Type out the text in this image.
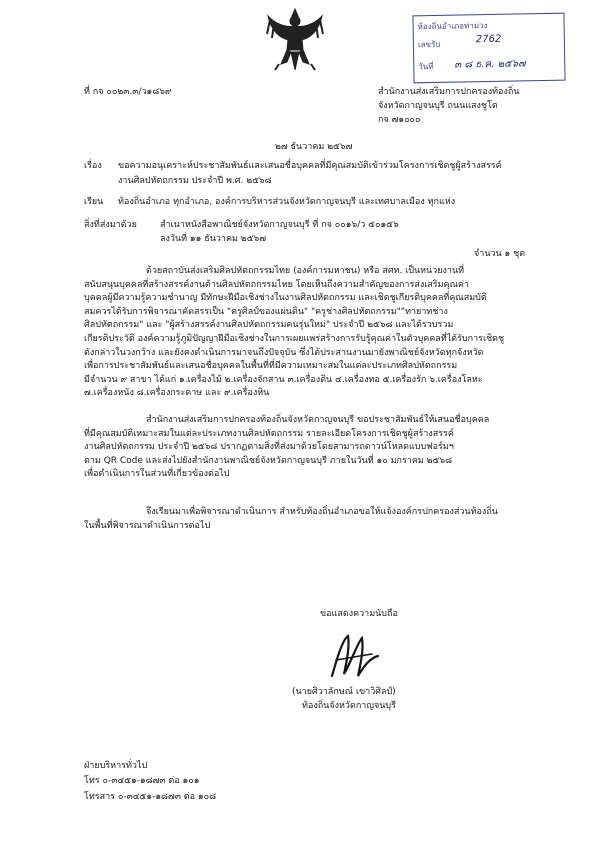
ห้องถิ่นอำเภอท่าม่วง
เลขรับ	2762
วันที่ ๓ ๘ ธ.ค. ๒๕๖๗
ที่ กจ ๐๐๒๓.๓/ว๑๘๖๙	สำนักงานส่งเสริมการปกครองท้องถิ่น
จังหวัดกาญจนบุรี ถนนแสงชูโต
กจ ๗๑๐๐๐
๒๗ ธันวาคม ๒๕๖๗
เรื่อง ขอความอนุเคราะห์ประชาสัมพันธ์และเสนอชื่อบุคคลที่มีคุณสมบัติเข้าร่วมโครงการเชิดชูผู้สร้างสรรค์
งานศิลปหัตถกรรม ประจำปี พ.ศ. ๒๕๖๘
เรียน ท้องถิ่นอำเภอ ทุกอำเภอ, องค์การบริหารส่วนจังหวัดกาญจนบุรี และเทศบาลเมือง ทุกแห่ง
สิ่งที่ส่งมาด้วย	สำเนาหนังสือพาณิชย์จังหวัดกาญจนบุรี ที่ กจ ๐๐๑๖/ว ๕๐๑๕๖
ลงวันที่ ๑๑ ธันวาคม ๒๕๖๗
จำนวน ๑ ชุด
ด้วยสถาบันส่งเสริมศิลปหัตถกรรมไทย (องค์การมหาชน) หรือ สศท. เป็นหน่วยงานที่
สนับสนุนบุคคลที่สร้างสรรค์งานด้านศิลปหัตถกรรมไทย โดยเห็นถึงความสำคัญของการส่งเสริมคุณค่า
บุคคลผู้มีความรู้ความชำนาญ มีทักษะฝีมือเชิงช่างในงานศิลปหัตถกรรม และเชิดชูเกียรติบุคคลที่คุณสมบัติ
สมควรได้รับการพิจารณาคัดสรรเป็น "ครูศิลป์ของแผ่นดิน" "ครูช่างศิลปหัตถกรรม""ทายาทช่าง
ศิลปหัตถกรรม" และ "ผู้สร้างสรรค์งานศิลปหัตถกรรมคนรุ่นใหม่" ประจำปี ๒๕๖๘ และได้รวบรวม
เกียรติประวัติ องค์ความรู้ภูมิปัญญาฝีมือเชิงช่างในการเผยแพร่สร้างการรับรู้คุณค่าในตัวบุคคลที่ได้รับการเชิดชู
ดังกล่าวในวงกว้าง และยังคงดำเนินการมาจนถึงปัจจุบัน ซึ่งได้ประสานงานมายังพาณิชย์จังหวัดทุกจังหวัด
เพื่อการประชาสัมพันธ์และเสนอชื่อบุคคลในพื้นที่ที่มีความเหมาะสมในแต่ละประเภทศิลปหัตถกรรม
มีจำนวน ๙ สาขา ได้แก่ ๑.เครื่องไม้ ๒.เครื่องจักสาน ๓.เครื่องดิน ๔.เครื่องทอ ๕.เครื่องรัก ๖.เครื่องโลหะ
๗.เครื่องหนัง ๘.เครื่องกระดาษ และ ๙.เครื่องหิน
สำนักงานส่งเสริมการปกครองท้องถิ่นจังหวัดกาญจนบุรี ขอประชาสัมพันธ์ให้เสนอชื่อบุคคล
ที่มีคุณสมบัติเหมาะสมในแต่ละประเภทงานศิลปหัตถกรรม รายละเอียดโครงการเชิดชูผู้สร้างสรรค์
งานศิลปหัตถกรรม ประจำปี ๒๕๖๘ ปรากฏตามสิ่งที่ส่งมาด้วยโดยสามารถดาวน์โหลดแบบฟอร์มฯ
ตาม QR Code และส่งไปยังสำนักงานพาณิชย์จังหวัดกาญจนบุรี ภายในวันที่ ๑๐ มกราคม ๒๕๖๘
เพื่อดำเนินการในส่วนที่เกี่ยวข้องต่อไป
จึงเรียนมาเพื่อพิจารณาดำเนินการ สำหรับท้องถิ่นอำเภอขอให้แจ้งองค์กรปกครองส่วนท้องถิ่น
ในพื้นที่พิจารณาดำเนินการต่อไป
ขอแสดงความนับถือ
(นายศิวาลักษณ์ เขาวิศิลป์)
ท้องถิ่นจังหวัดกาญจนบุรี
ฝ่ายบริหารทั่วไป
โทร ๐-๓๔๕๑-๑๘๗๓ ต่อ ๑๐๑
โทรสาร ๐-๓๔๕๑-๑๘๗๓ ต่อ ๑๐๘
